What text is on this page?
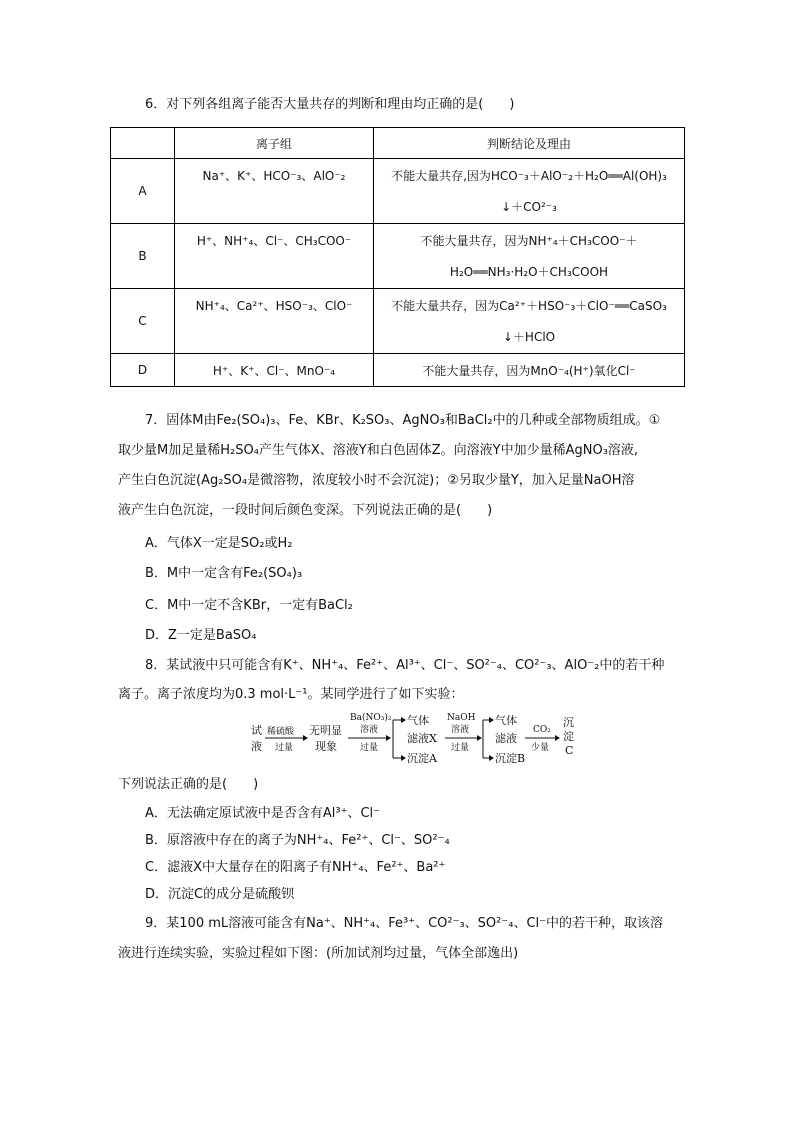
6．对下列各组离子能否大量共存的判断和理由均正确的是(　　)
	离子组	判断结论及理由
A	Na⁺、K⁺、HCO⁻₃、AlO⁻₂	不能大量共存,因为HCO⁻₃＋AlO⁻₂＋H₂O══Al(OH)₃
↓＋CO²⁻₃

B	H⁺、NH⁺₄、Cl⁻、CH₃COO⁻	不能大量共存，因为NH⁺₄＋CH₃COO⁻＋
H₂O══NH₃·H₂O＋CH₃COOH

C	NH⁺₄、Ca²⁺、HSO⁻₃、ClO⁻	不能大量共存，因为Ca²⁺＋HSO⁻₃＋ClO⁻══CaSO₃
↓＋HClO

D	H⁺、K⁺、Cl⁻、MnO⁻₄	不能大量共存，因为MnO⁻₄(H⁺)氧化Cl⁻
7．固体M由Fe₂(SO₄)₃、Fe、KBr、K₂SO₃、AgNO₃和BaCl₂中的几种或全部物质组成。①
取少量M加足量稀H₂SO₄产生气体X、溶液Y和白色固体Z。向溶液Y中加少量稀AgNO₃溶液,
产生白色沉淀(Ag₂SO₄是微溶物，浓度较小时不会沉淀)；②另取少量Y，加入足量NaOH溶
液产生白色沉淀，一段时间后颜色变深。下列说法正确的是(　　)
A．气体X一定是SO₂或H₂
B．M中一定含有Fe₂(SO₄)₃
C．M中一定不含KBr，一定有BaCl₂
D．Z一定是BaSO₄
8．某试液中只可能含有K⁺、NH⁺₄、Fe²⁺、Al³⁺、Cl⁻、SO²⁻₄、CO²⁻₃、AlO⁻₂中的若干种
离子。离子浓度均为0.3 mol·L⁻¹。某同学进行了如下实验：
试
液
稀硫酸
过量
无明显
现象
Ba(NO₃)₂
溶液
过量
气体
滤液X
沉淀A
NaOH
溶液
过量
气体
滤液
沉淀B
CO₂
少量
沉
淀
C
下列说法正确的是(　　)
A．无法确定原试液中是否含有Al³⁺、Cl⁻
B．原溶液中存在的离子为NH⁺₄、Fe²⁺、Cl⁻、SO²⁻₄
C．滤液X中大量存在的阳离子有NH⁺₄、Fe²⁺、Ba²⁺
D．沉淀C的成分是硫酸钡
9．某100 mL溶液可能含有Na⁺、NH⁺₄、Fe³⁺、CO²⁻₃、SO²⁻₄、Cl⁻中的若干种，取该溶
液进行连续实验，实验过程如下图：(所加试剂均过量，气体全部逸出)
